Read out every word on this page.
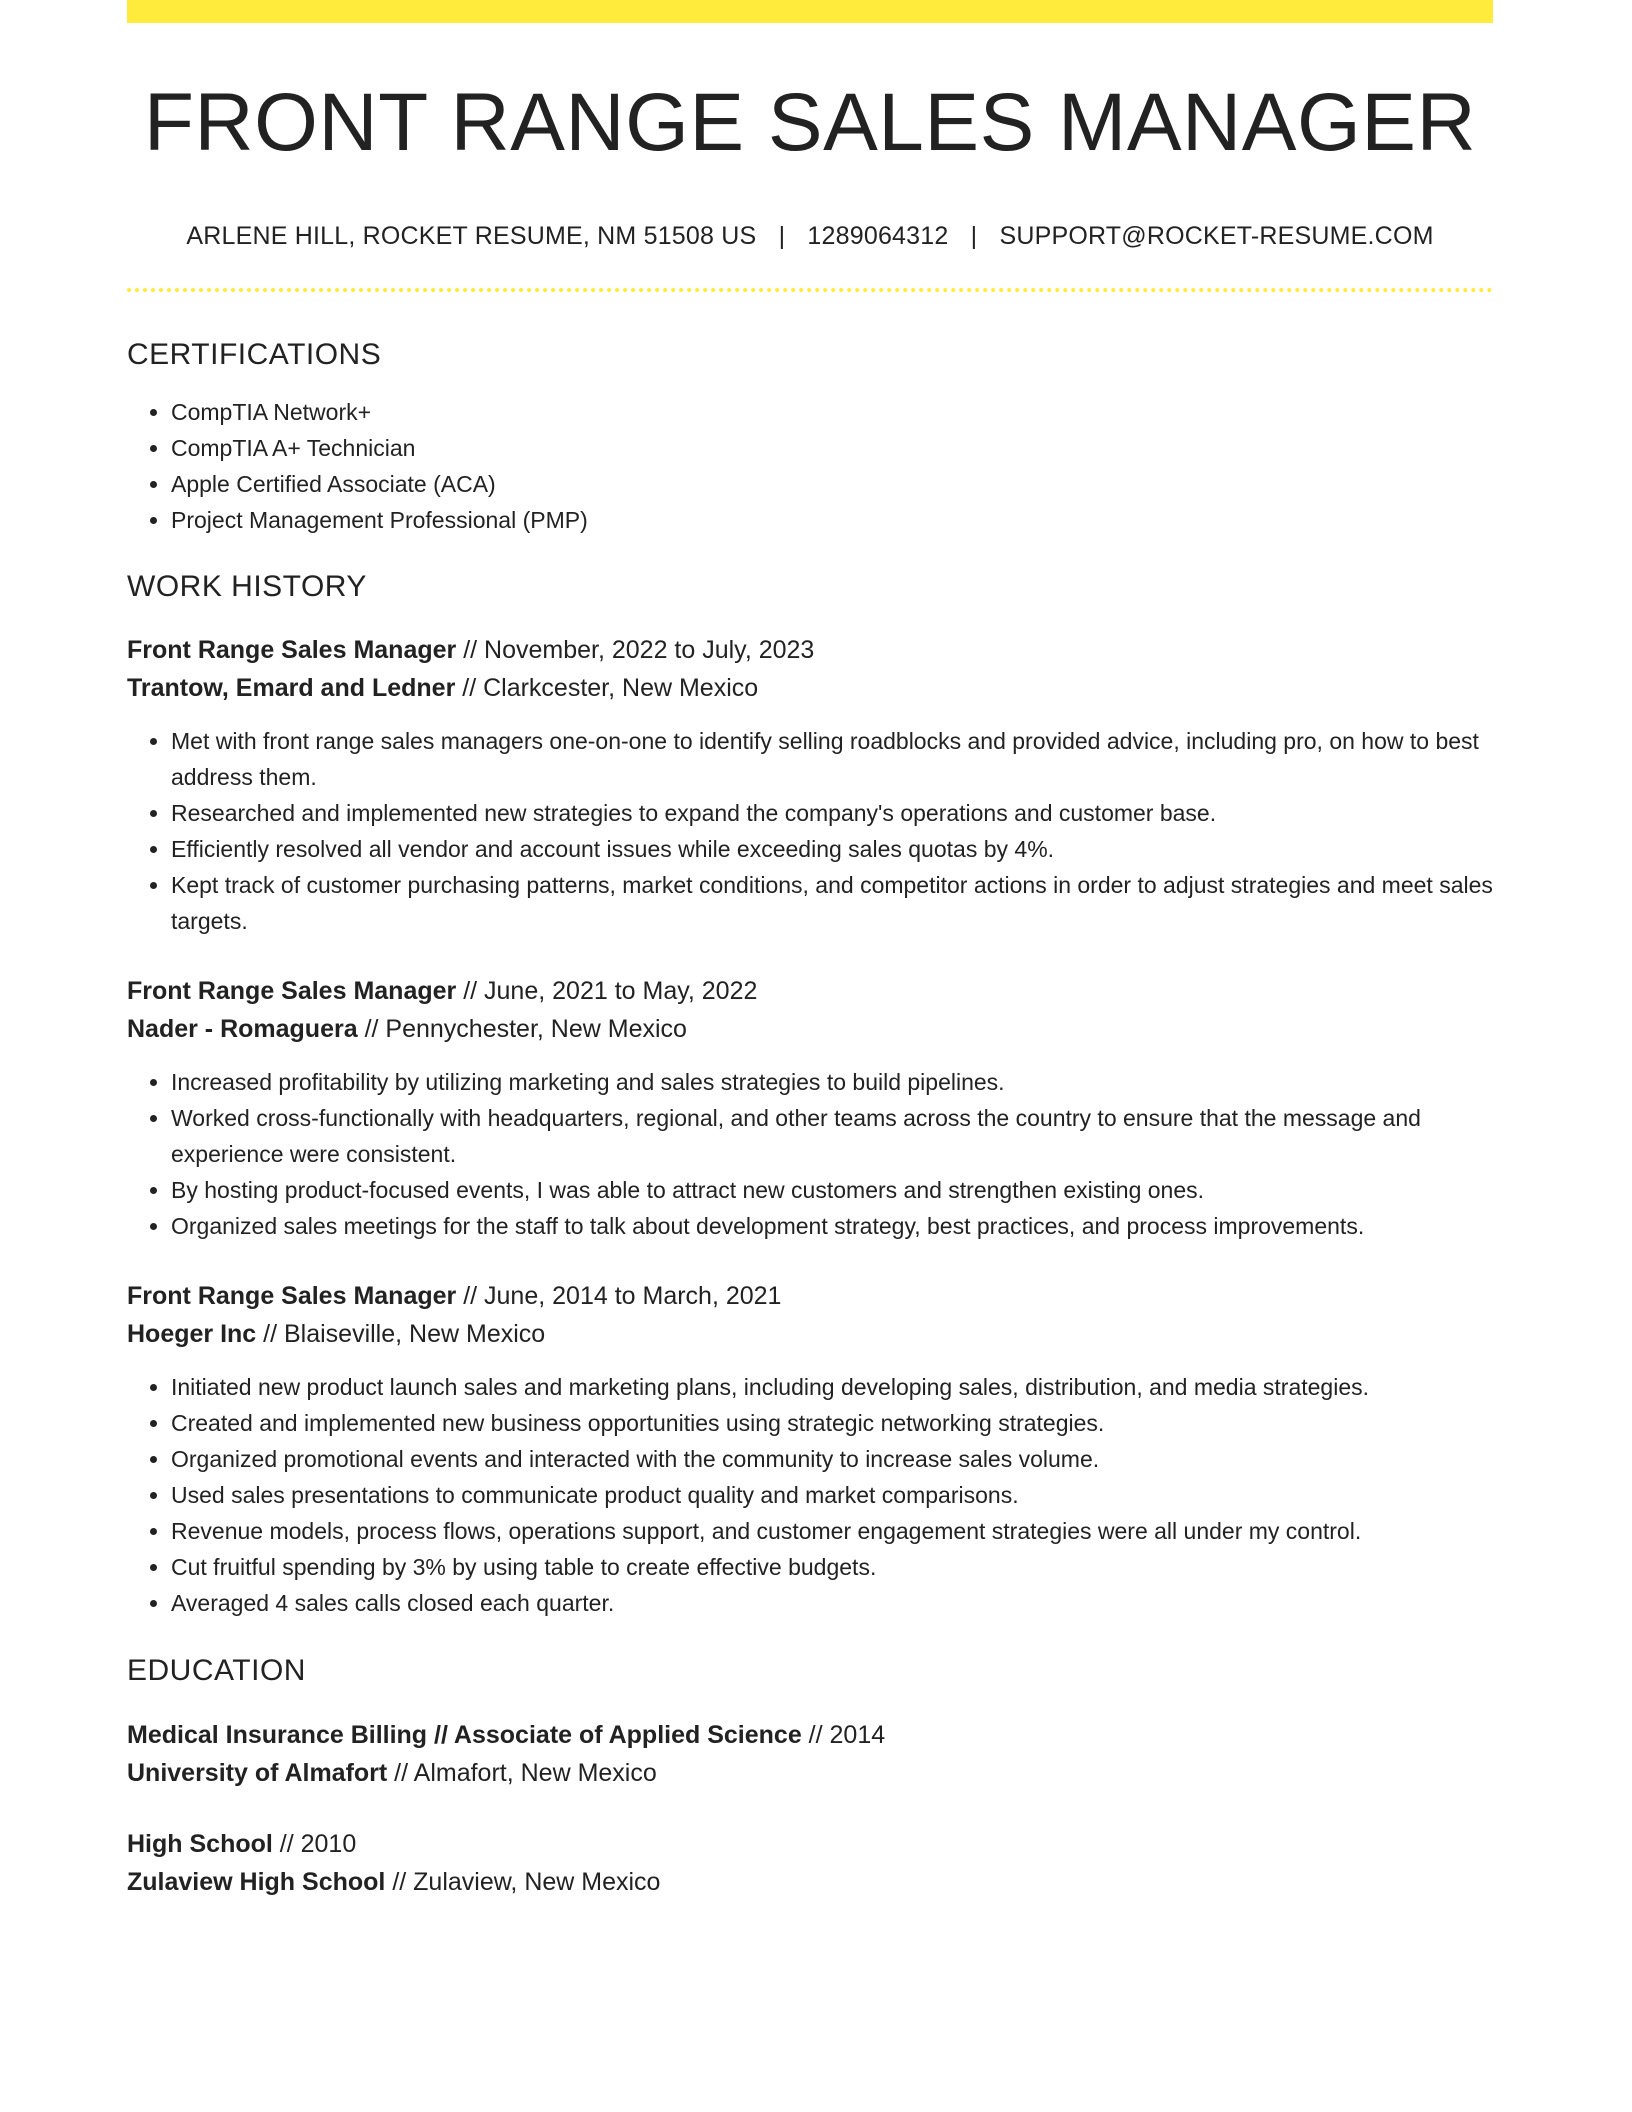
FRONT RANGE SALES MANAGER
ARLENE HILL, ROCKET RESUME, NM 51508 US | 1289064312 | SUPPORT@ROCKET-RESUME.COM
CERTIFICATIONS
• CompTIA Network+
• CompTIA A+ Technician
• Apple Certified Associate (ACA)
• Project Management Professional (PMP)
WORK HISTORY
Front Range Sales Manager // November, 2022 to July, 2023
Trantow, Emard and Ledner // Clarkcester, New Mexico
• Met with front range sales managers one-on-one to identify selling roadblocks and provided advice, including pro, on how to best address them.
• Researched and implemented new strategies to expand the company's operations and customer base.
• Efficiently resolved all vendor and account issues while exceeding sales quotas by 4%.
• Kept track of customer purchasing patterns, market conditions, and competitor actions in order to adjust strategies and meet sales targets.
Front Range Sales Manager // June, 2021 to May, 2022
Nader - Romaguera // Pennychester, New Mexico
• Increased profitability by utilizing marketing and sales strategies to build pipelines.
• Worked cross-functionally with headquarters, regional, and other teams across the country to ensure that the message and experience were consistent.
• By hosting product-focused events, I was able to attract new customers and strengthen existing ones.
• Organized sales meetings for the staff to talk about development strategy, best practices, and process improvements.
Front Range Sales Manager // June, 2014 to March, 2021
Hoeger Inc // Blaiseville, New Mexico
• Initiated new product launch sales and marketing plans, including developing sales, distribution, and media strategies.
• Created and implemented new business opportunities using strategic networking strategies.
• Organized promotional events and interacted with the community to increase sales volume.
• Used sales presentations to communicate product quality and market comparisons.
• Revenue models, process flows, operations support, and customer engagement strategies were all under my control.
• Cut fruitful spending by 3% by using table to create effective budgets.
• Averaged 4 sales calls closed each quarter.
EDUCATION
Medical Insurance Billing // Associate of Applied Science // 2014
University of Almafort // Almafort, New Mexico
High School // 2010
Zulaview High School // Zulaview, New Mexico
